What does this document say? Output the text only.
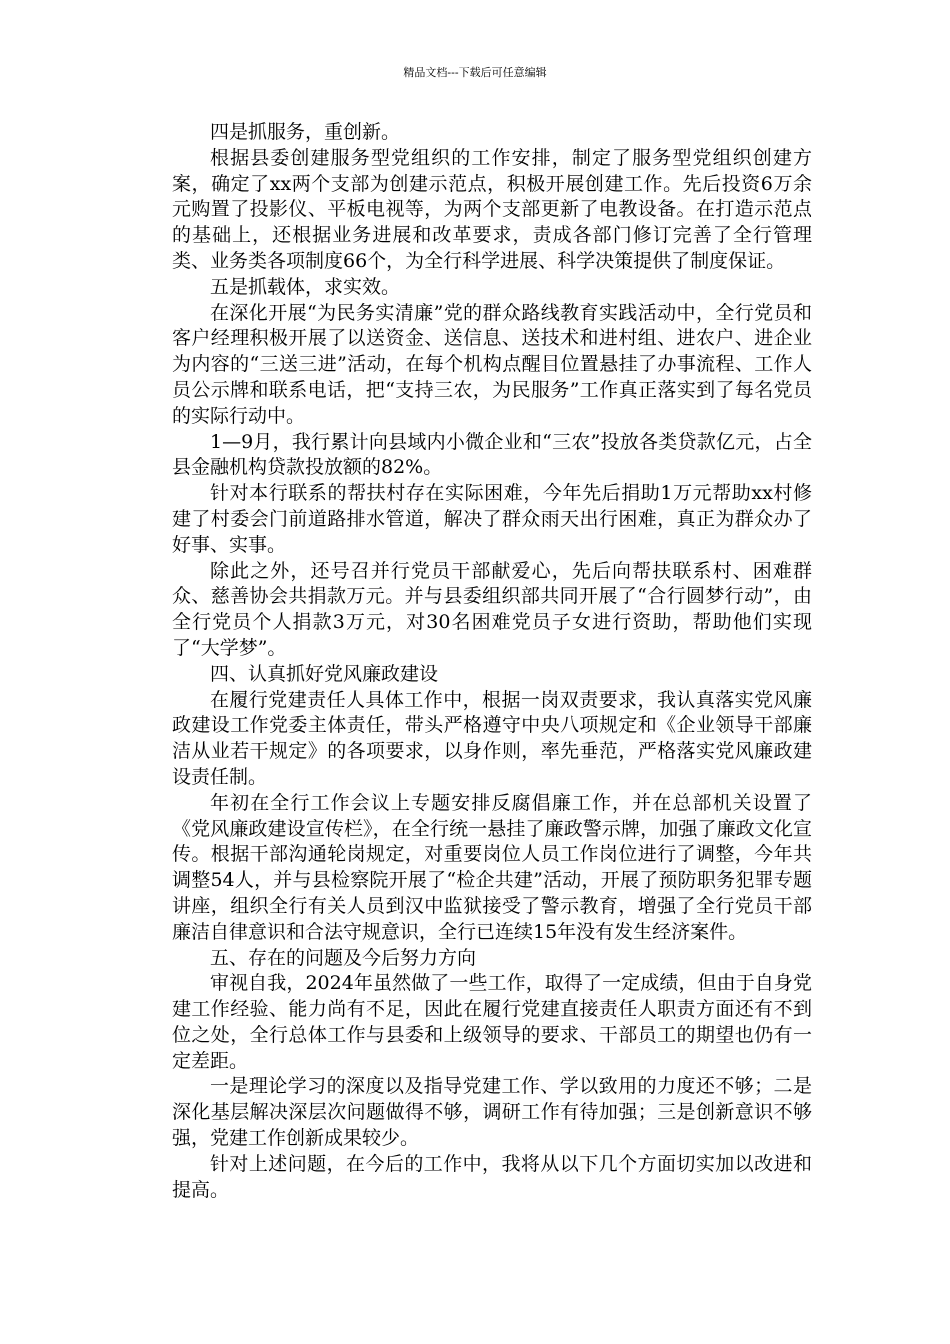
精品文档---下载后可任意编辑

四是抓服务，重创新。

根据县委创建服务型党组织的工作安排，制定了服务型党组织创建方案，确定了xx两个支部为创建示范点，积极开展创建工作。先后投资6万余元购置了投影仪、平板电视等，为两个支部更新了电教设备。在打造示范点的基础上，还根据业务进展和改革要求，责成各部门修订完善了全行管理类、业务类各项制度66个，为全行科学进展、科学决策提供了制度保证。

五是抓载体，求实效。

在深化开展“为民务实清廉”党的群众路线教育实践活动中，全行党员和客户经理积极开展了以送资金、送信息、送技术和进村组、进农户、进企业为内容的“三送三进”活动，在每个机构点醒目位置悬挂了办事流程、工作人员公示牌和联系电话，把“支持三农，为民服务”工作真正落实到了每名党员的实际行动中。

1—9月，我行累计向县域内小微企业和“三农”投放各类贷款亿元，占全县金融机构贷款投放额的82%。

针对本行联系的帮扶村存在实际困难，今年先后捐助1万元帮助xx村修建了村委会门前道路排水管道，解决了群众雨天出行困难，真正为群众办了好事、实事。

除此之外，还号召并行党员干部献爱心，先后向帮扶联系村、困难群众、慈善协会共捐款万元。并与县委组织部共同开展了“合行圆梦行动”，由全行党员个人捐款3万元，对30名困难党员子女进行资助，帮助他们实现了“大学梦”。

四、认真抓好党风廉政建设

在履行党建责任人具体工作中，根据一岗双责要求，我认真落实党风廉政建设工作党委主体责任，带头严格遵守中央八项规定和《企业领导干部廉洁从业若干规定》的各项要求，以身作则，率先垂范，严格落实党风廉政建设责任制。

年初在全行工作会议上专题安排反腐倡廉工作，并在总部机关设置了《党风廉政建设宣传栏》，在全行统一悬挂了廉政警示牌，加强了廉政文化宣传。根据干部沟通轮岗规定，对重要岗位人员工作岗位进行了调整，今年共调整54人，并与县检察院开展了“检企共建”活动，开展了预防职务犯罪专题讲座，组织全行有关人员到汉中监狱接受了警示教育，增强了全行党员干部廉洁自律意识和合法守规意识，全行已连续15年没有发生经济案件。

五、存在的问题及今后努力方向

审视自我，2024年虽然做了一些工作，取得了一定成绩，但由于自身党建工作经验、能力尚有不足，因此在履行党建直接责任人职责方面还有不到位之处，全行总体工作与县委和上级领导的要求、干部员工的期望也仍有一定差距。

一是理论学习的深度以及指导党建工作、学以致用的力度还不够；二是深化基层解决深层次问题做得不够，调研工作有待加强；三是创新意识不够强，党建工作创新成果较少。

针对上述问题，在今后的工作中，我将从以下几个方面切实加以改进和提高。
